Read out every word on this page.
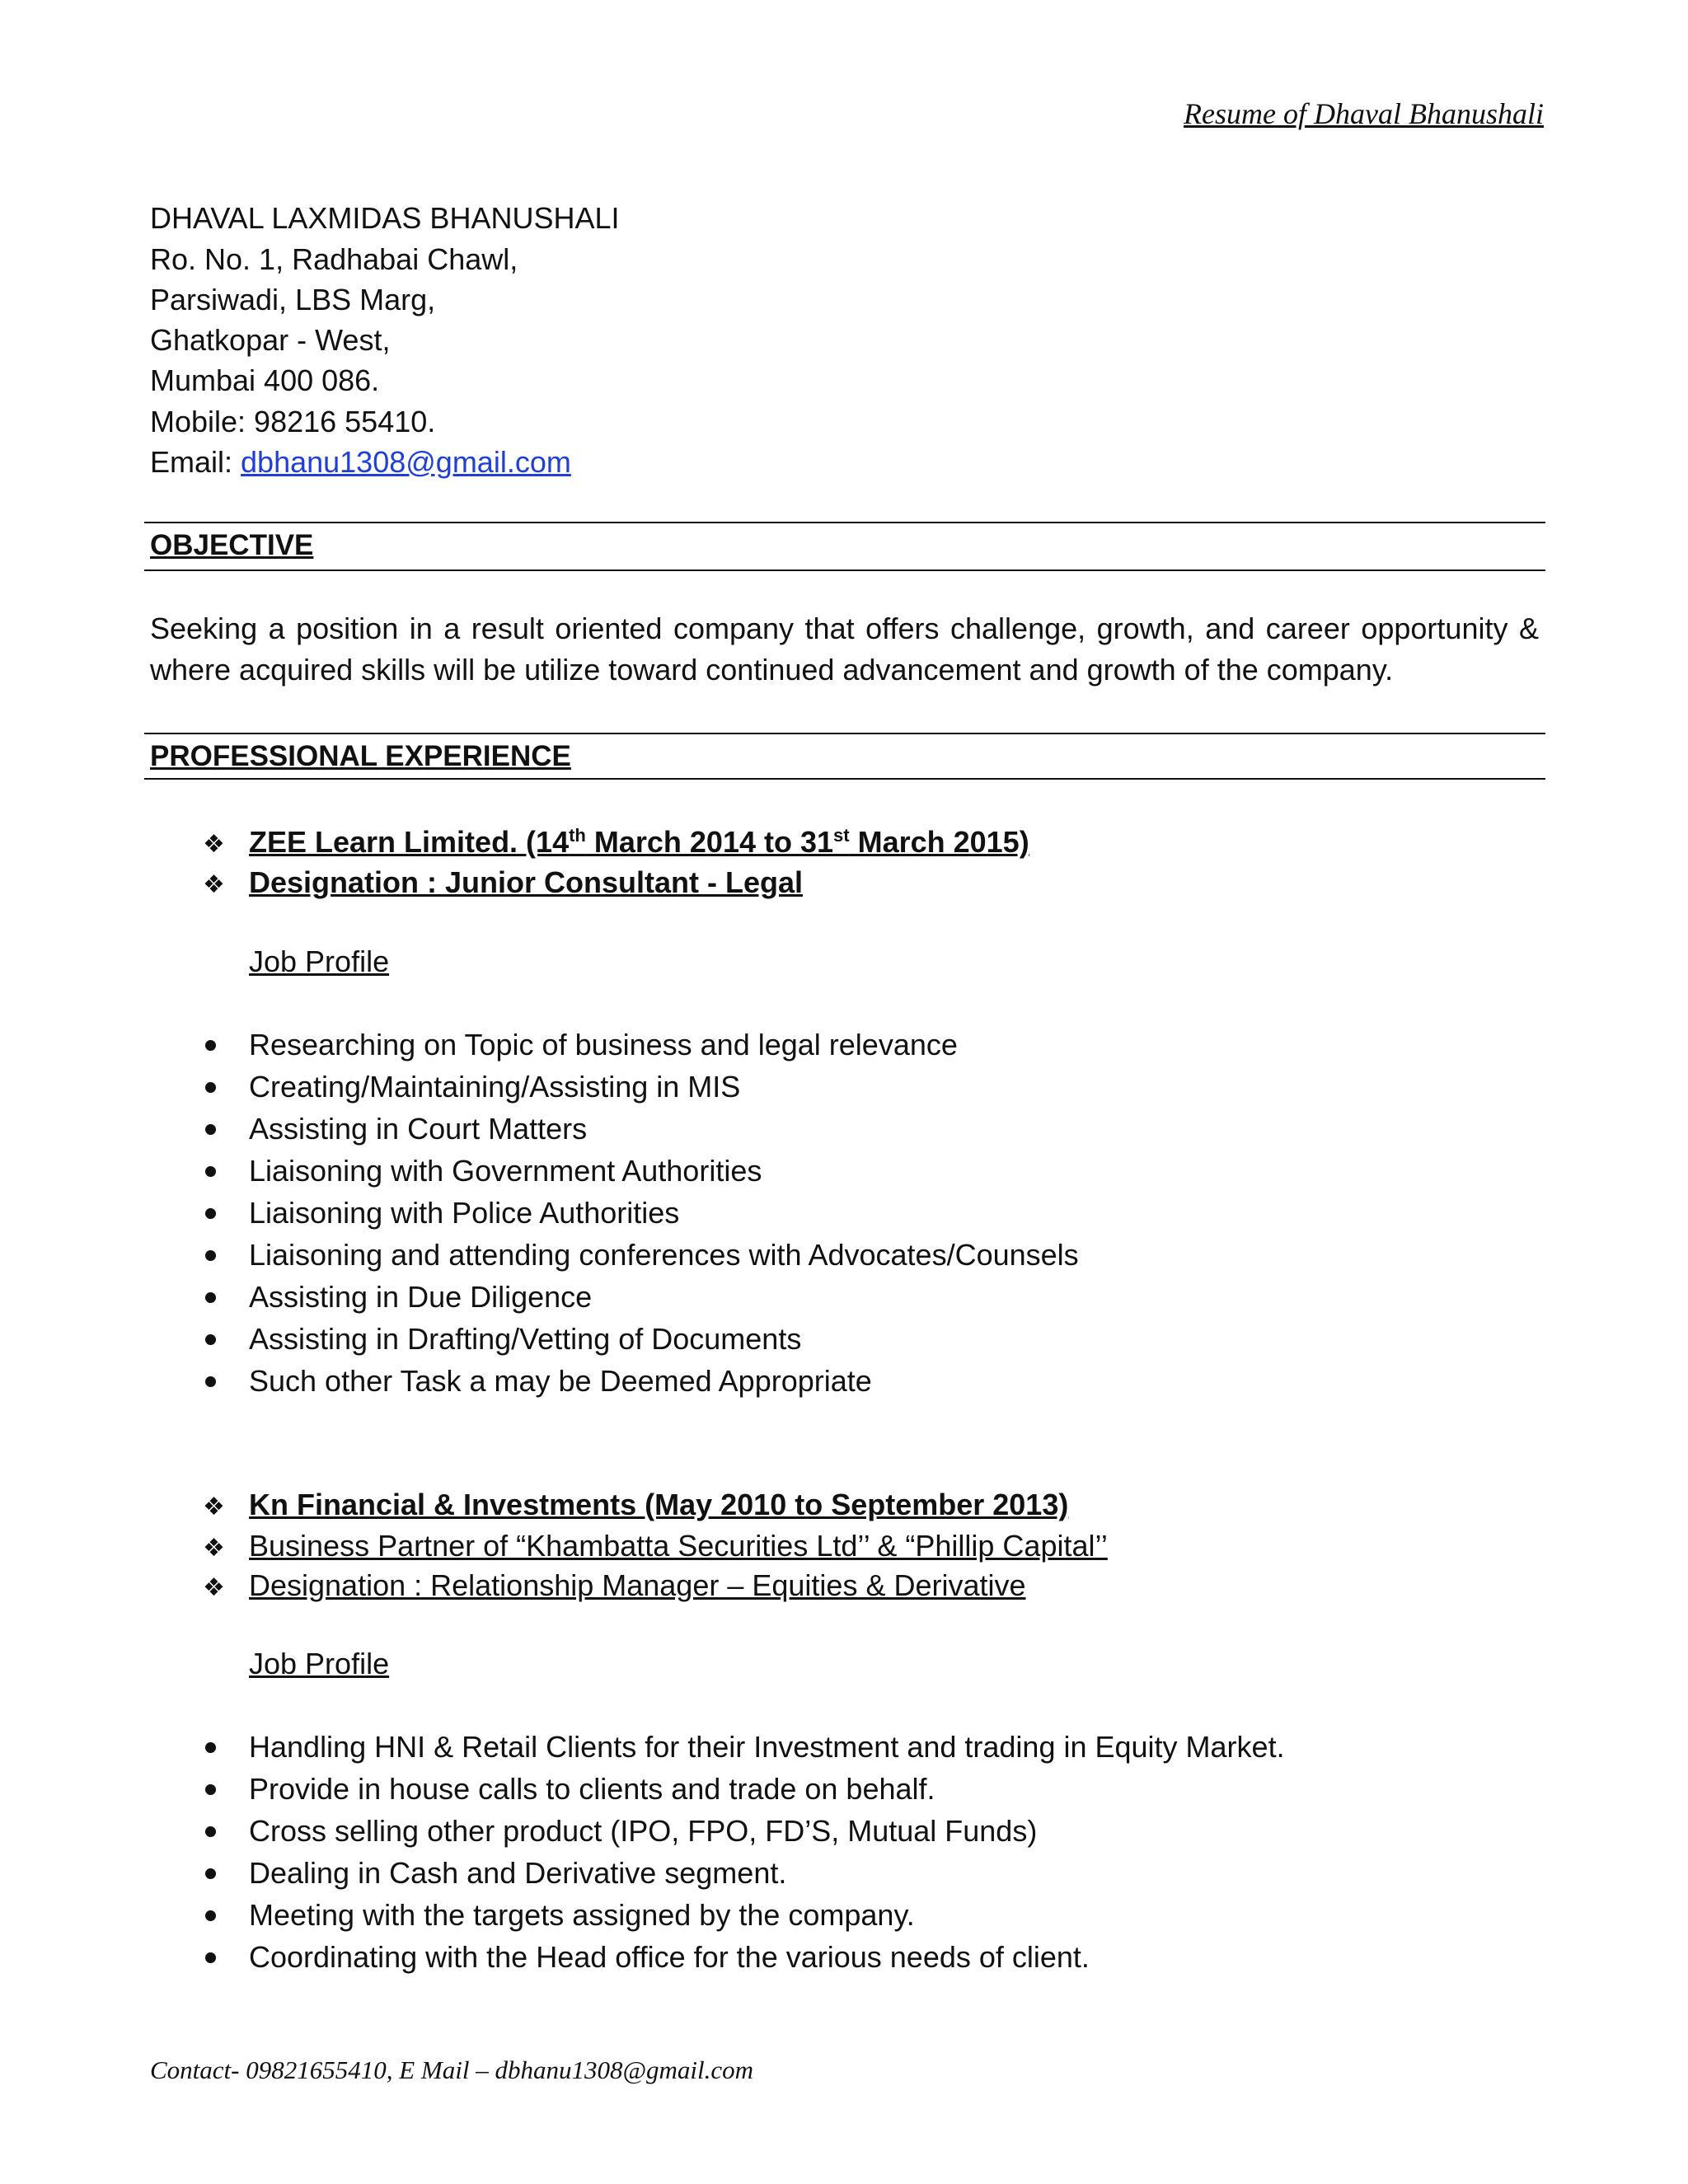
Resume of Dhaval Bhanushali

DHAVAL LAXMIDAS BHANUSHALI

Ro. No. 1, Radhabai Chawl,

Parsiwadi, LBS Marg,

Ghatkopar - West,

Mumbai 400 086.

Mobile: 98216 55410.

Email: dbhanu1308@gmail.com

OBJECTIVE

Seeking a position in a result oriented company that offers challenge, growth, and career opportunity & where acquired skills will be utilize toward continued advancement and growth of the company.

PROFESSIONAL EXPERIENCE

❖ ZEE Learn Limited. (14th March 2014 to 31st March 2015)
❖ Designation : Junior Consultant - Legal

Job Profile

Researching on Topic of business and legal relevance
Creating/Maintaining/Assisting in MIS
Assisting in Court Matters
Liaisoning with Government Authorities
Liaisoning with Police Authorities
Liaisoning and attending conferences with Advocates/Counsels
Assisting in Due Diligence
Assisting in Drafting/Vetting of Documents
Such other Task a may be Deemed Appropriate
❖ Kn Financial & Investments (May 2010 to September 2013)
❖ Business Partner of “Khambatta Securities Ltd’’ & “Phillip Capital’’
❖ Designation : Relationship Manager – Equities & Derivative

Job Profile

Handling HNI & Retail Clients for their Investment and trading in Equity Market.
Provide in house calls to clients and trade on behalf.
Cross selling other product (IPO, FPO, FD’S, Mutual Funds)
Dealing in Cash and Derivative segment.
Meeting with the targets assigned by the company.
Coordinating with the Head office for the various needs of client.

Contact- 09821655410, E Mail – dbhanu1308@gmail.com
